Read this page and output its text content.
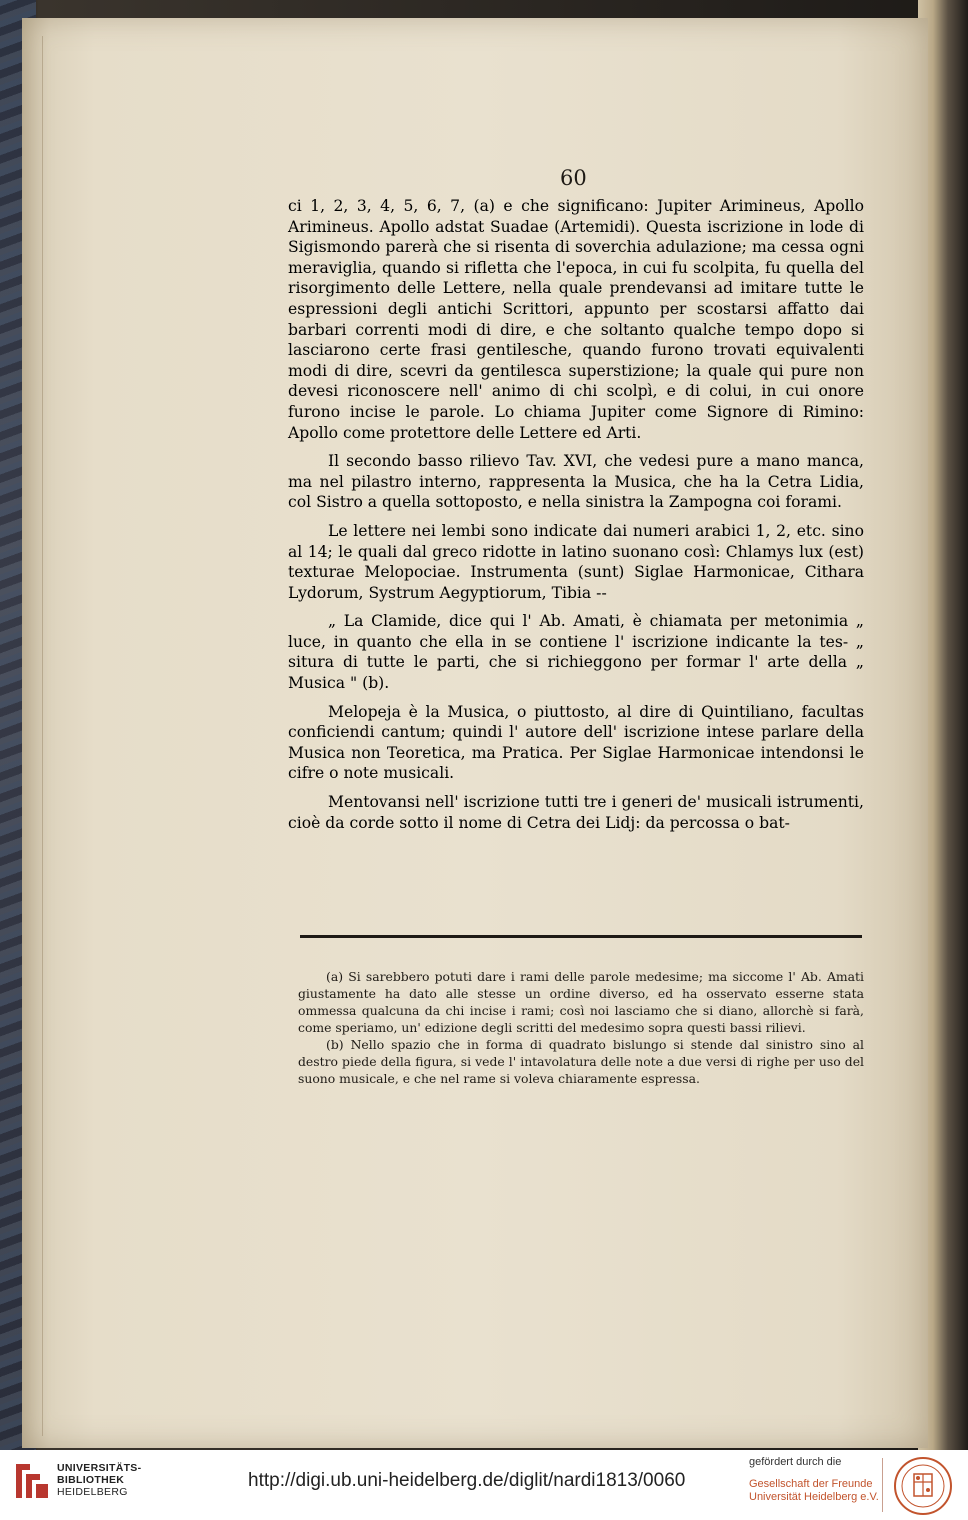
60

ci 1, 2, 3, 4, 5, 6, 7, (a) e che significano: Jupiter Arimineus, Apollo Arimineus. Apollo adstat Suadae (Artemidi). Questa iscrizione in lode di Sigismondo parerà che si risenta di soverchia adulazione; ma cessa ogni meraviglia, quando si rifletta che l'epoca, in cui fu scolpita, fu quella del risorgimento delle Lettere, nella quale prendevansi ad imitare tutte le espressioni degli antichi Scrittori, appunto per scostarsi affatto dai barbari correnti modi di dire, e che soltanto qualche tempo dopo si lasciarono certe frasi gentilesche, quando furono trovati equivalenti modi di dire, scevri da gentilesca superstizione; la quale qui pure non devesi riconoscere nell' animo di chi scolpì, e di colui, in cui onore furono incise le parole. Lo chiama Jupiter come Signore di Rimino: Apollo come protettore delle Lettere ed Arti.

Il secondo basso rilievo Tav. XVI, che vedesi pure a mano manca, ma nel pilastro interno, rappresenta la Musica, che ha la Cetra Lidia, col Sistro a quella sottoposto, e nella sinistra la Zampogna coi forami.

Le lettere nei lembi sono indicate dai numeri arabici 1, 2, etc. sino al 14; le quali dal greco ridotte in latino suonano così: Chlamys lux (est) texturae Melopociae. Instrumenta (sunt) Siglae Harmonicae, Cithara Lydorum, Systrum Aegyptiorum, Tibia --

„ La Clamide, dice qui l' Ab. Amati, è chiamata per metonimia „ luce, in quanto che ella in se contiene l' iscrizione indicante la tes- „ situra di tutte le parti, che si richieggono per formar l' arte della „ Musica " (b).

Melopeja è la Musica, o piuttosto, al dire di Quintiliano, facultas conficiendi cantum; quindi l' autore dell' iscrizione intese parlare della Musica non Teoretica, ma Pratica. Per Siglae Harmonicae intendonsi le cifre o note musicali.

Mentovansi nell' iscrizione tutti tre i generi de' musicali istrumenti, cioè da corde sotto il nome di Cetra dei Lidj: da percossa o bat-

(a) Si sarebbero potuti dare i rami delle parole medesime; ma siccome l' Ab. Amati giustamente ha dato alle stesse un ordine diverso, ed ha osservato esserne stata ommessa qualcuna da chi incise i rami; così noi lasciamo che si diano, allorchè si farà, come speriamo, un' edizione degli scritti del medesimo sopra questi bassi rilievi.

(b) Nello spazio che in forma di quadrato bislungo si stende dal sinistro sino al destro piede della figura, si vede l' intavolatura delle note a due versi di righe per uso del suono musicale, e che nel rame si voleva chiaramente espressa.

UNIVERSITÄTS-
BIBLIOTHEK
HEIDELBERG
http://digi.ub.uni-heidelberg.de/diglit/nardi1813/0060
gefördert durch die
Gesellschaft der Freunde
Universität Heidelberg e.V.
